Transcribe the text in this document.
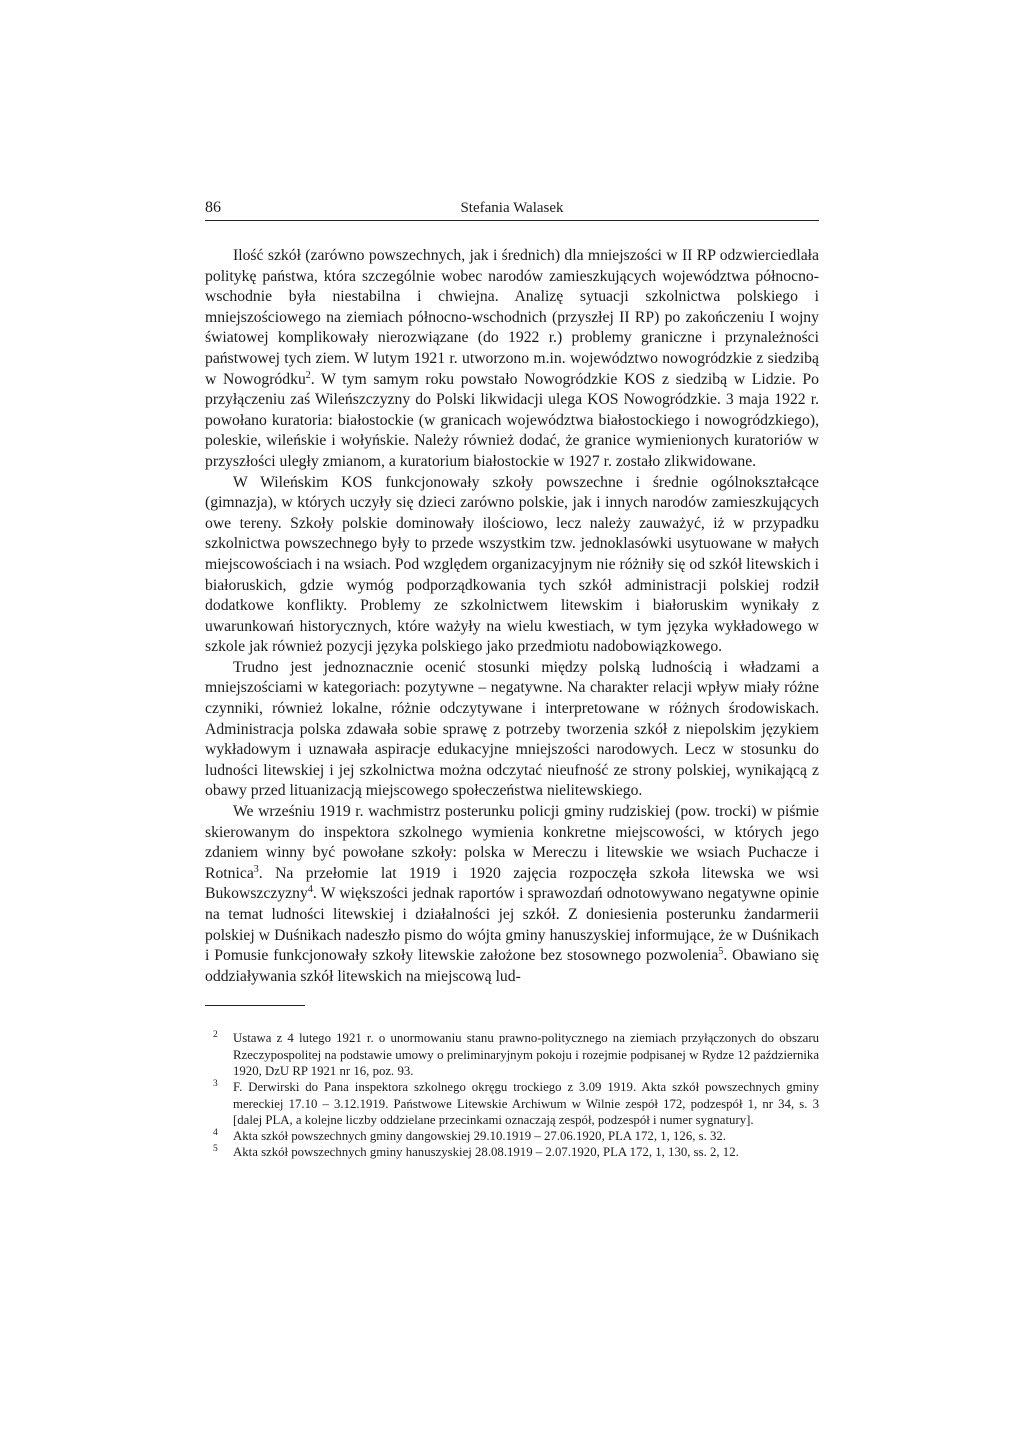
86	Stefania Walasek

Ilość szkół (zarówno powszechnych, jak i średnich) dla mniejszości w II RP odzwierciedlała politykę państwa, która szczególnie wobec narodów zamieszkujących województwa północno-wschodnie była niestabilna i chwiejna. Analizę sytuacji szkolnictwa polskiego i mniejszościowego na ziemiach północno-wschodnich (przyszłej II RP) po zakończeniu I wojny światowej komplikowały nierozwiązane (do 1922 r.) problemy graniczne i przynależności państwowej tych ziem. W lutym 1921 r. utworzono m.in. województwo nowogródzkie z siedzibą w Nowogródku$^2$. W tym samym roku powstało Nowogródzkie KOS z siedzibą w Lidzie. Po przyłączeniu zaś Wileńszczyzny do Polski likwidacji ulega KOS Nowogródzkie. 3 maja 1922 r. powołano kuratoria: białostockie (w granicach województwa białostockiego i nowogródzkiego), poleskie, wileńskie i wołyńskie. Należy również dodać, że granice wymienionych kuratoriów w przyszłości uległy zmianom, a kuratorium białostockie w 1927 r. zostało zlikwidowane.

W Wileńskim KOS funkcjonowały szkoły powszechne i średnie ogólnokształcące (gimnazja), w których uczyły się dzieci zarówno polskie, jak i innych narodów zamieszkujących owe tereny. Szkoły polskie dominowały ilościowo, lecz należy zauważyć, iż w przypadku szkolnictwa powszechnego były to przede wszystkim tzw. jednoklasówki usytuowane w małych miejscowościach i na wsiach. Pod względem organizacyjnym nie różniły się od szkół litewskich i białoruskich, gdzie wymóg podporządkowania tych szkół administracji polskiej rodził dodatkowe konflikty. Problemy ze szkolnictwem litewskim i białoruskim wynikały z uwarunkowań historycznych, które ważyły na wielu kwestiach, w tym języka wykładowego w szkole jak również pozycji języka polskiego jako przedmiotu nadobowiązkowego.

Trudno jest jednoznacznie ocenić stosunki między polską ludnością i władzami a mniejszościami w kategoriach: pozytywne – negatywne. Na charakter relacji wpływ miały różne czynniki, również lokalne, różnie odczytywane i interpretowane w różnych środowiskach. Administracja polska zdawała sobie sprawę z potrzeby tworzenia szkół z niepolskim językiem wykładowym i uznawała aspiracje edukacyjne mniejszości narodowych. Lecz w stosunku do ludności litewskiej i jej szkolnictwa można odczytać nieufność ze strony polskiej, wynikającą z obawy przed lituanizacją miejscowego społeczeństwa nielitewskiego.

We wrześniu 1919 r. wachmistrz posterunku policji gminy rudziskiej (pow. trocki) w piśmie skierowanym do inspektora szkolnego wymienia konkretne miejscowości, w których jego zdaniem winny być powołane szkoły: polska w Mereczu i litewskie we wsiach Puchacze i Rotnica$^3$. Na przełomie lat 1919 i 1920 zajęcia rozpoczęła szkoła litewska we wsi Bukowszczyzny$^4$. W większości jednak raportów i sprawozdań odnotowywano negatywne opinie na temat ludności litewskiej i działalności jej szkół. Z doniesienia posterunku żandarmerii polskiej w Duśnikach nadeszło pismo do wójta gminy hanuszyskiej informujące, że w Duśnikach i Pomusie funkcjonowały szkoły litewskie założone bez stosownego pozwolenia$^5$. Obawiano się oddziaływania szkół litewskich na miejscową lud-

2 Ustawa z 4 lutego 1921 r. o unormowaniu stanu prawno-politycznego na ziemiach przyłączonych do obszaru Rzeczypospolitej na podstawie umowy o preliminaryjnym pokoju i rozejmie podpisanej w Rydze 12 października 1920, DzU RP 1921 nr 16, poz. 93.

3 F. Derwirski do Pana inspektora szkolnego okręgu trockiego z 3.09 1919. Akta szkół powszechnych gminy mereckiej 17.10 – 3.12.1919. Państwowe Litewskie Archiwum w Wilnie zespół 172, podzespół 1, nr 34, s. 3 [dalej PLA, a kolejne liczby oddzielane przecinkami oznaczają zespół, podzespół i numer sygnatury].

4 Akta szkół powszechnych gminy dangowskiej 29.10.1919 – 27.06.1920, PLA 172, 1, 126, s. 32.

5 Akta szkół powszechnych gminy hanuszyskiej 28.08.1919 – 2.07.1920, PLA 172, 1, 130, ss. 2, 12.
